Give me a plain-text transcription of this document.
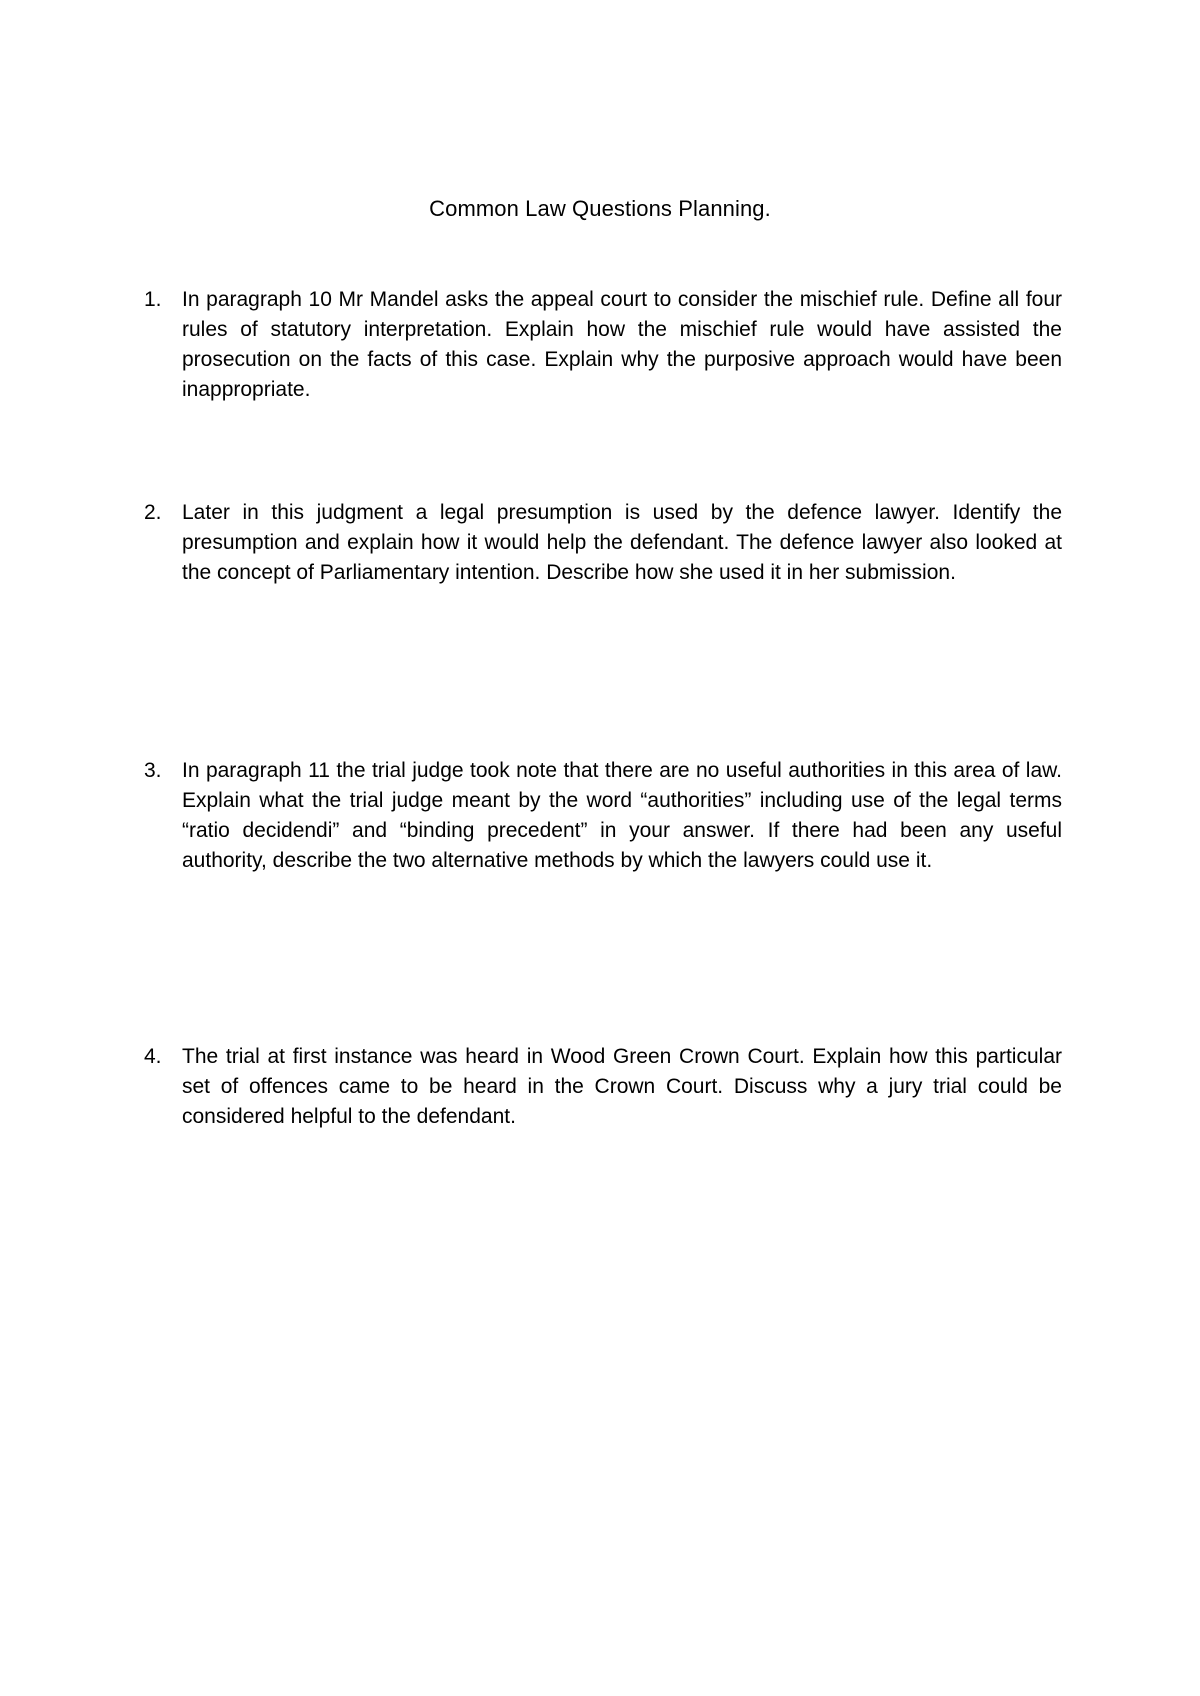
Common Law Questions Planning.
1. In paragraph 10 Mr Mandel asks the appeal court to consider the mischief rule. Define all four rules of statutory interpretation. Explain how the mischief rule would have assisted the prosecution on the facts of this case. Explain why the purposive approach would have been inappropriate.
2. Later in this judgment a legal presumption is used by the defence lawyer. Identify the presumption and explain how it would help the defendant. The defence lawyer also looked at the concept of Parliamentary intention. Describe how she used it in her submission.
3. In paragraph 11 the trial judge took note that there are no useful authorities in this area of law. Explain what the trial judge meant by the word “authorities” including use of the legal terms “ratio decidendi” and “binding precedent” in your answer. If there had been any useful authority, describe the two alternative methods by which the lawyers could use it.
4. The trial at first instance was heard in Wood Green Crown Court. Explain how this particular set of offences came to be heard in the Crown Court. Discuss why a jury trial could be considered helpful to the defendant.
